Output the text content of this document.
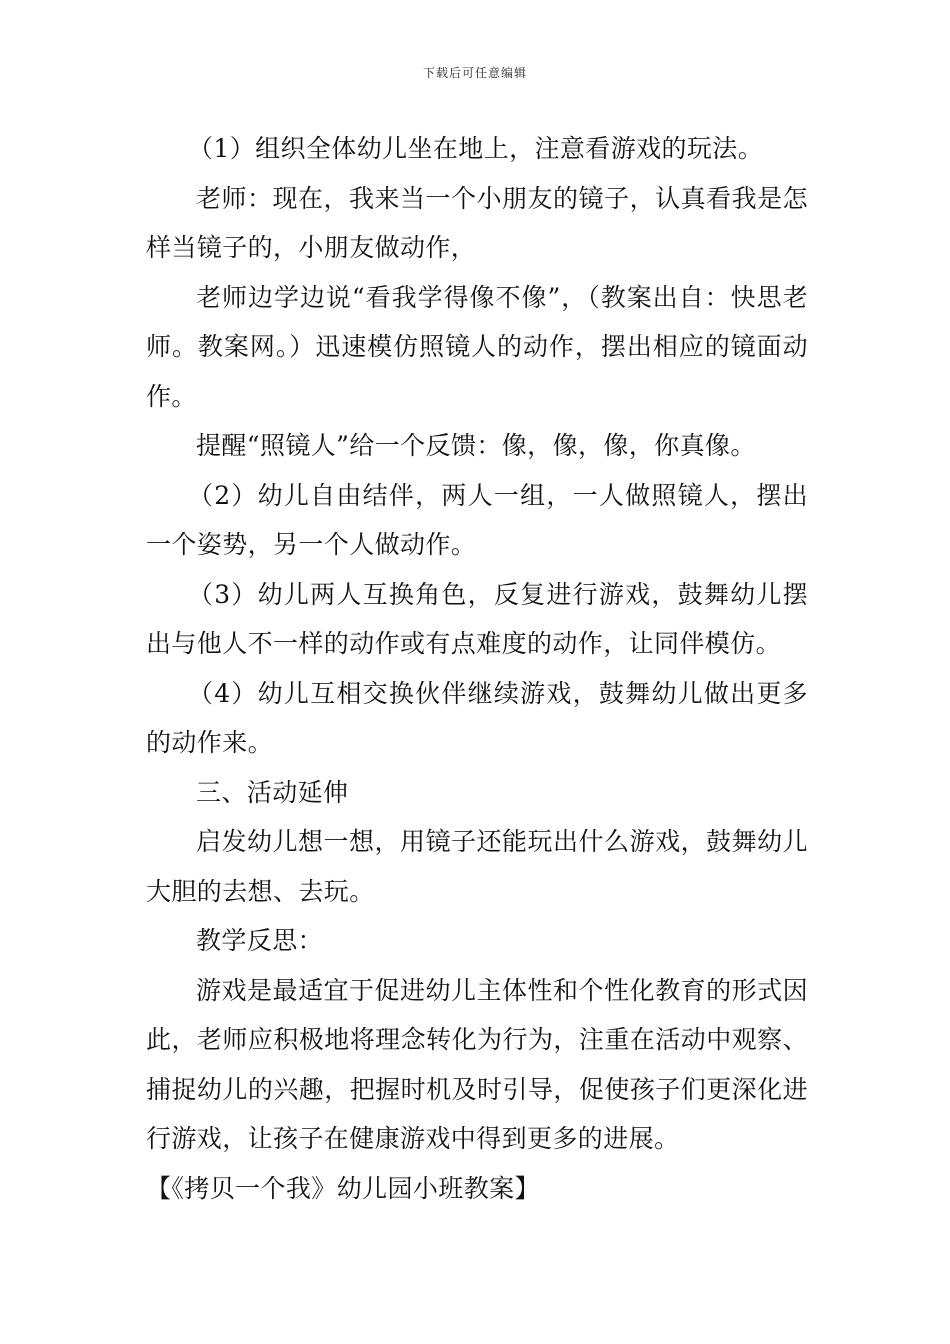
下载后可任意编辑

（1）组织全体幼儿坐在地上，注意看游戏的玩法。

老师：现在，我来当一个小朋友的镜子，认真看我是怎样当镜子的，小朋友做动作，

老师边学边说“看我学得像不像”，（教案出自：快思老师。教案网。）迅速模仿照镜人的动作，摆出相应的镜面动作。

提醒“照镜人”给一个反馈：像，像，像，你真像。

（2）幼儿自由结伴，两人一组，一人做照镜人，摆出一个姿势，另一个人做动作。

（3）幼儿两人互换角色，反复进行游戏，鼓舞幼儿摆出与他人不一样的动作或有点难度的动作，让同伴模仿。

（4）幼儿互相交换伙伴继续游戏，鼓舞幼儿做出更多的动作来。

三、活动延伸

启发幼儿想一想，用镜子还能玩出什么游戏，鼓舞幼儿大胆的去想、去玩。

教学反思：

游戏是最适宜于促进幼儿主体性和个性化教育的形式因此，老师应积极地将理念转化为行为，注重在活动中观察、捕捉幼儿的兴趣，把握时机及时引导，促使孩子们更深化进行游戏，让孩子在健康游戏中得到更多的进展。

【《拷贝一个我》幼儿园小班教案】
